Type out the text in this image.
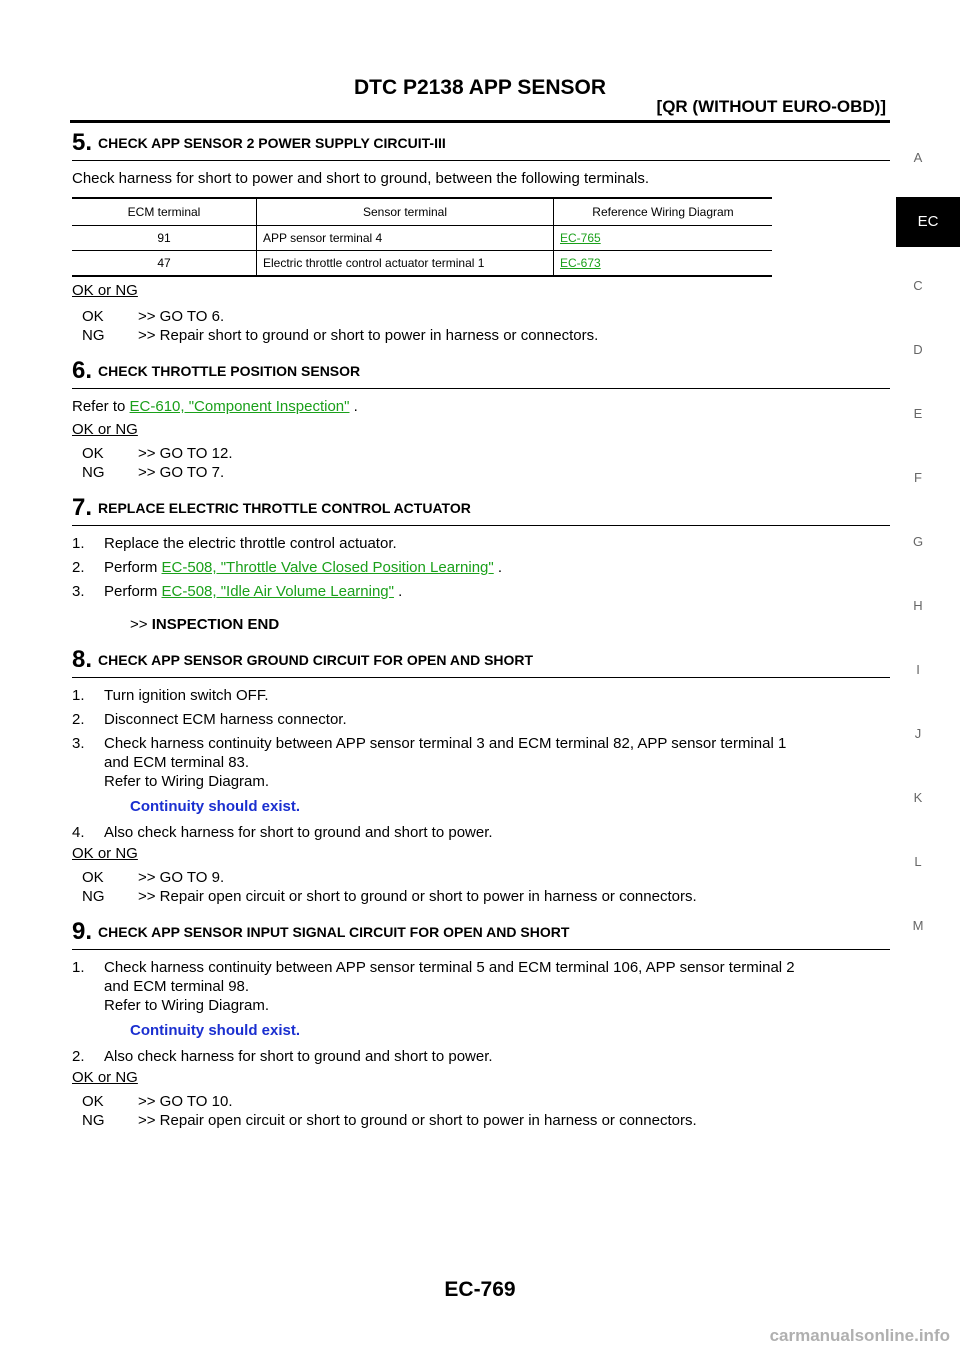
DTC P2138 APP SENSOR
[QR (WITHOUT EURO-OBD)]
A
EC
C
D
E
F
G
H
I
J
K
L
M
5. CHECK APP SENSOR 2 POWER SUPPLY CIRCUIT-III

Check harness for short to power and short to ground, between the following terminals.

ECM terminal	Sensor terminal	Reference Wiring Diagram
91	APP sensor terminal 4	EC-765
47	Electric throttle control actuator terminal 1	EC-673

OK or NG

OK >> GO TO 6.

NG >> Repair short to ground or short to power in harness or connectors.

6. CHECK THROTTLE POSITION SENSOR

Refer to EC-610, "Component Inspection" .

OK or NG

OK >> GO TO 12.

NG >> GO TO 7.

7. REPLACE ELECTRIC THROTTLE CONTROL ACTUATOR
1. Replace the electric throttle control actuator.
2. Perform EC-508, "Throttle Valve Closed Position Learning" .
3. Perform EC-508, "Idle Air Volume Learning" .

>> INSPECTION END

8. CHECK APP SENSOR GROUND CIRCUIT FOR OPEN AND SHORT
1. Turn ignition switch OFF.
2. Disconnect ECM harness connector.
3. Check harness continuity between APP sensor terminal 3 and ECM terminal 82, APP sensor terminal 1
and ECM terminal 83.
Refer to Wiring Diagram.

Continuity should exist.

4. Also check harness for short to ground and short to power.

OK or NG

OK >> GO TO 9.

NG >> Repair open circuit or short to ground or short to power in harness or connectors.

9. CHECK APP SENSOR INPUT SIGNAL CIRCUIT FOR OPEN AND SHORT
1. Check harness continuity between APP sensor terminal 5 and ECM terminal 106, APP sensor terminal 2
and ECM terminal 98.
Refer to Wiring Diagram.

Continuity should exist.

2. Also check harness for short to ground and short to power.

OK or NG

OK >> GO TO 10.

NG >> Repair open circuit or short to ground or short to power in harness or connectors.

EC-769
carmanualsonline.info
